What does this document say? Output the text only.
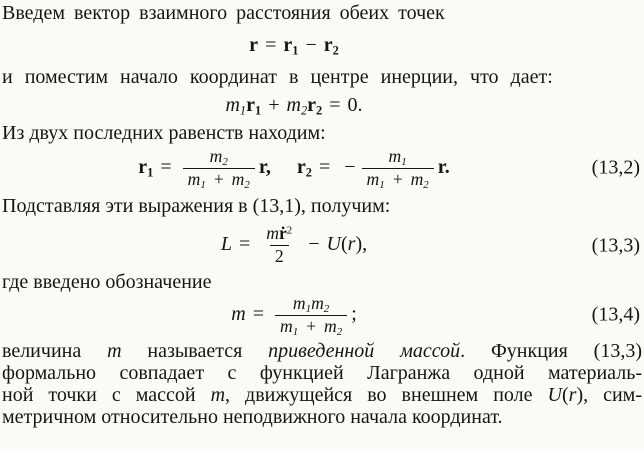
Введем вектор взаимного расстояния обеих точек

$r = r_1 - r_2$

и поместим начало координат в центре инерции, что дает:

$m_1r_1 + m_2r_2 = 0$.

Из двух последних равенств находим:

$r_1 = \frac{m_2}{m_1 + m_2} r$, $r_2$ = − $\frac{m_1}{m_1 + m_2} r$.	(13,2)

Подставляя эти выражения в (13,1), получим:

$L = \frac{mṙ^2}{2} - U(r)$,	(13,3)

где введено обозначение

$m = \frac{m_1m_2}{m_1 + m_2}$ ;	(13,4)
величина m называется приведенной массой. Функция (13,3)
формально совпадает с функцией Лагранжа одной материаль-
ной точки с массой m, движущейся во внешнем поле U(r), сим-
метричном относительно неподвижного начала координат.
